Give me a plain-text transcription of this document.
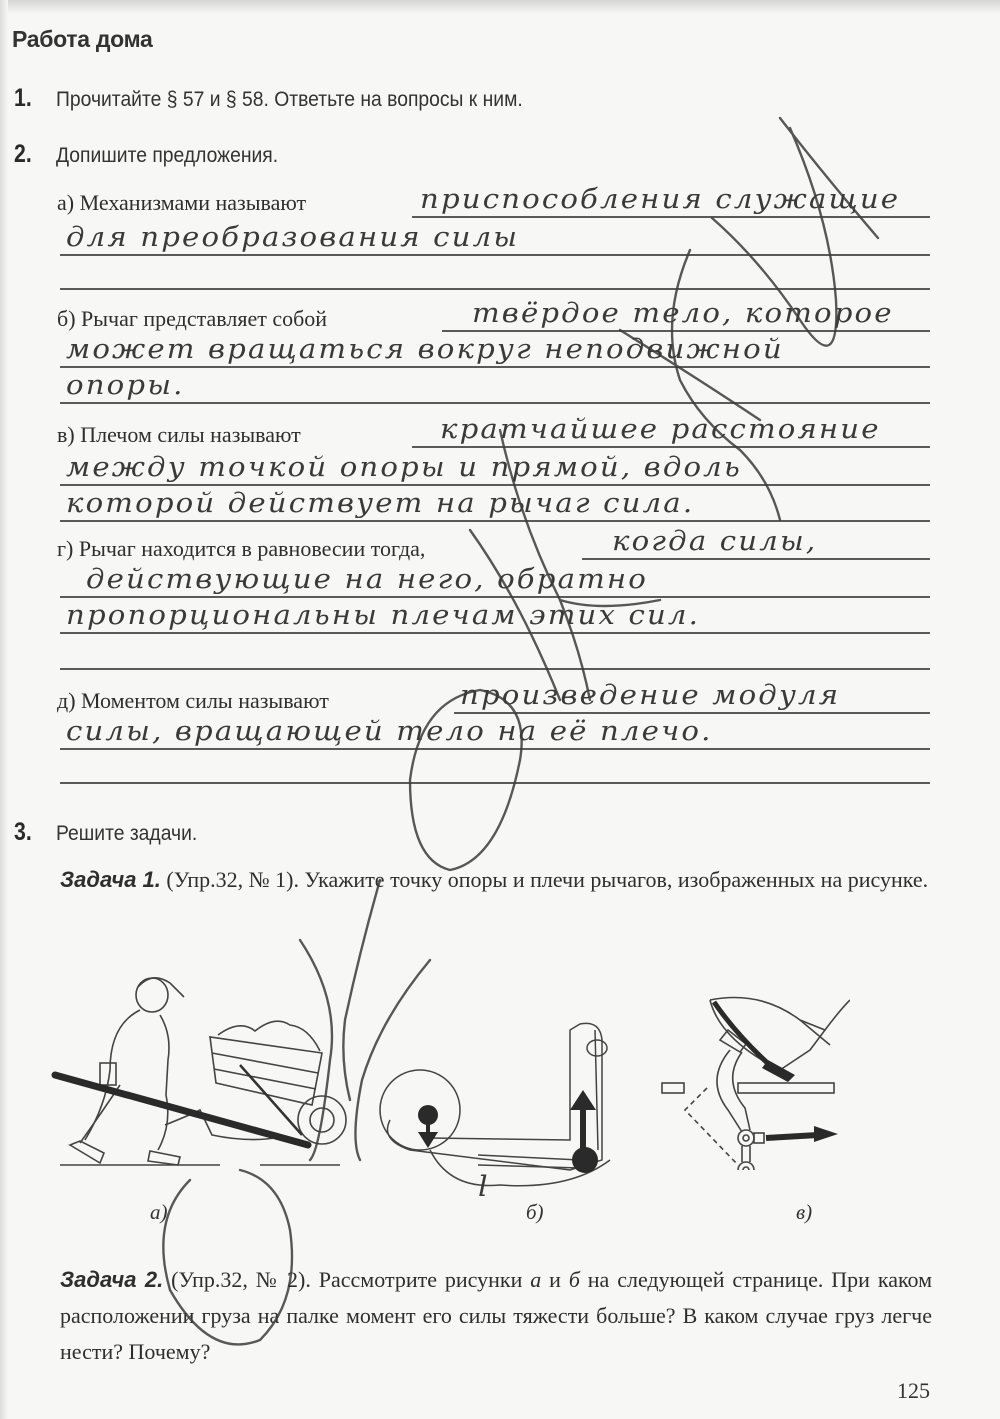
Работа дома
1.	Прочитайте § 57 и § 58. Ответьте на вопросы к ним.
2.	Допишите предложения.
а) Механизмами называют	приспособления служащие
для преобразования силы
б) Рычаг представляет собой	твёрдое тело, которое
может вращаться вокруг неподвижной
опоры.
в) Плечом силы называют	кратчайшее расстояние
между точкой опоры и прямой, вдоль
которой действует на рычаг сила.
г) Рычаг находится в равновесии тогда,	когда силы,
действующие на него, обратно
пропорциональны плечам этих сил.
д) Моментом силы называют	произведение модуля
силы, вращающей тело на её плечо.
3.	Решите задачи.
Задача 1. (Упр.32, № 1). Укажите точку опоры и плечи рычагов, изображенных на рисунке.
а)
l
б)	в)
Задача 2. (Упр.32, № 2). Рассмотрите рисунки а и б на следующей странице. При каком расположении груза на палке момент его силы тяжести больше? В каком случае груз легче нести? Почему?
125
